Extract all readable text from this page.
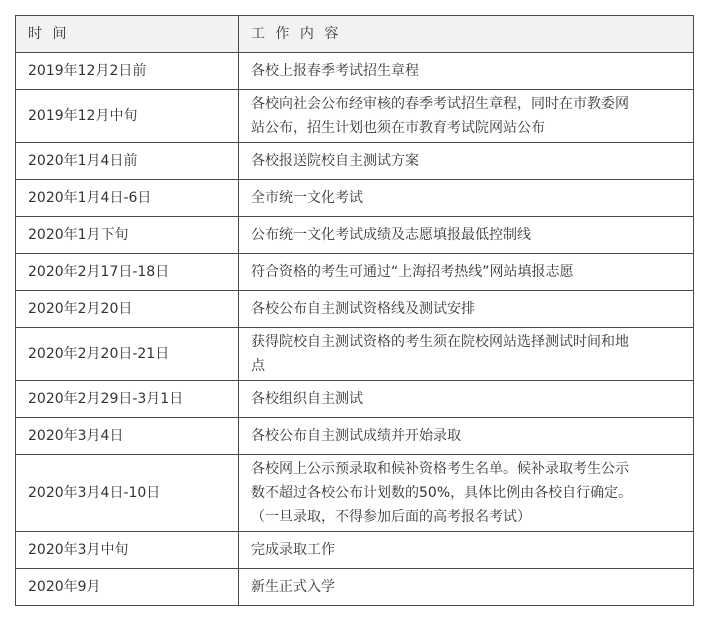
时 间	工 作 内 容
2019年12月2日前	各校上报春季考试招生章程

2019年12月中旬	各校向社会公布经审核的春季考试招生章程，同时在市教委网
站公布，招生计划也须在市教育考试院网站公布

2020年1月4日前	各校报送院校自主测试方案

2020年1月4日-6日	全市统一文化考试

2020年1月下旬	公布统一文化考试成绩及志愿填报最低控制线

2020年2月17日-18日	符合资格的考生可通过“上海招考热线”网站填报志愿

2020年2月20日	各校公布自主测试资格线及测试安排

2020年2月20日-21日	获得院校自主测试资格的考生须在院校网站选择测试时间和地
点

2020年2月29日-3月1日	各校组织自主测试

2020年3月4日	各校公布自主测试成绩并开始录取

2020年3月4日-10日	各校网上公示预录取和候补资格考生名单。候补录取考生公示
数不超过各校公布计划数的50%，具体比例由各校自行确定。
（一旦录取，不得参加后面的高考报名考试）

2020年3月中旬	完成录取工作

2020年9月	新生正式入学
